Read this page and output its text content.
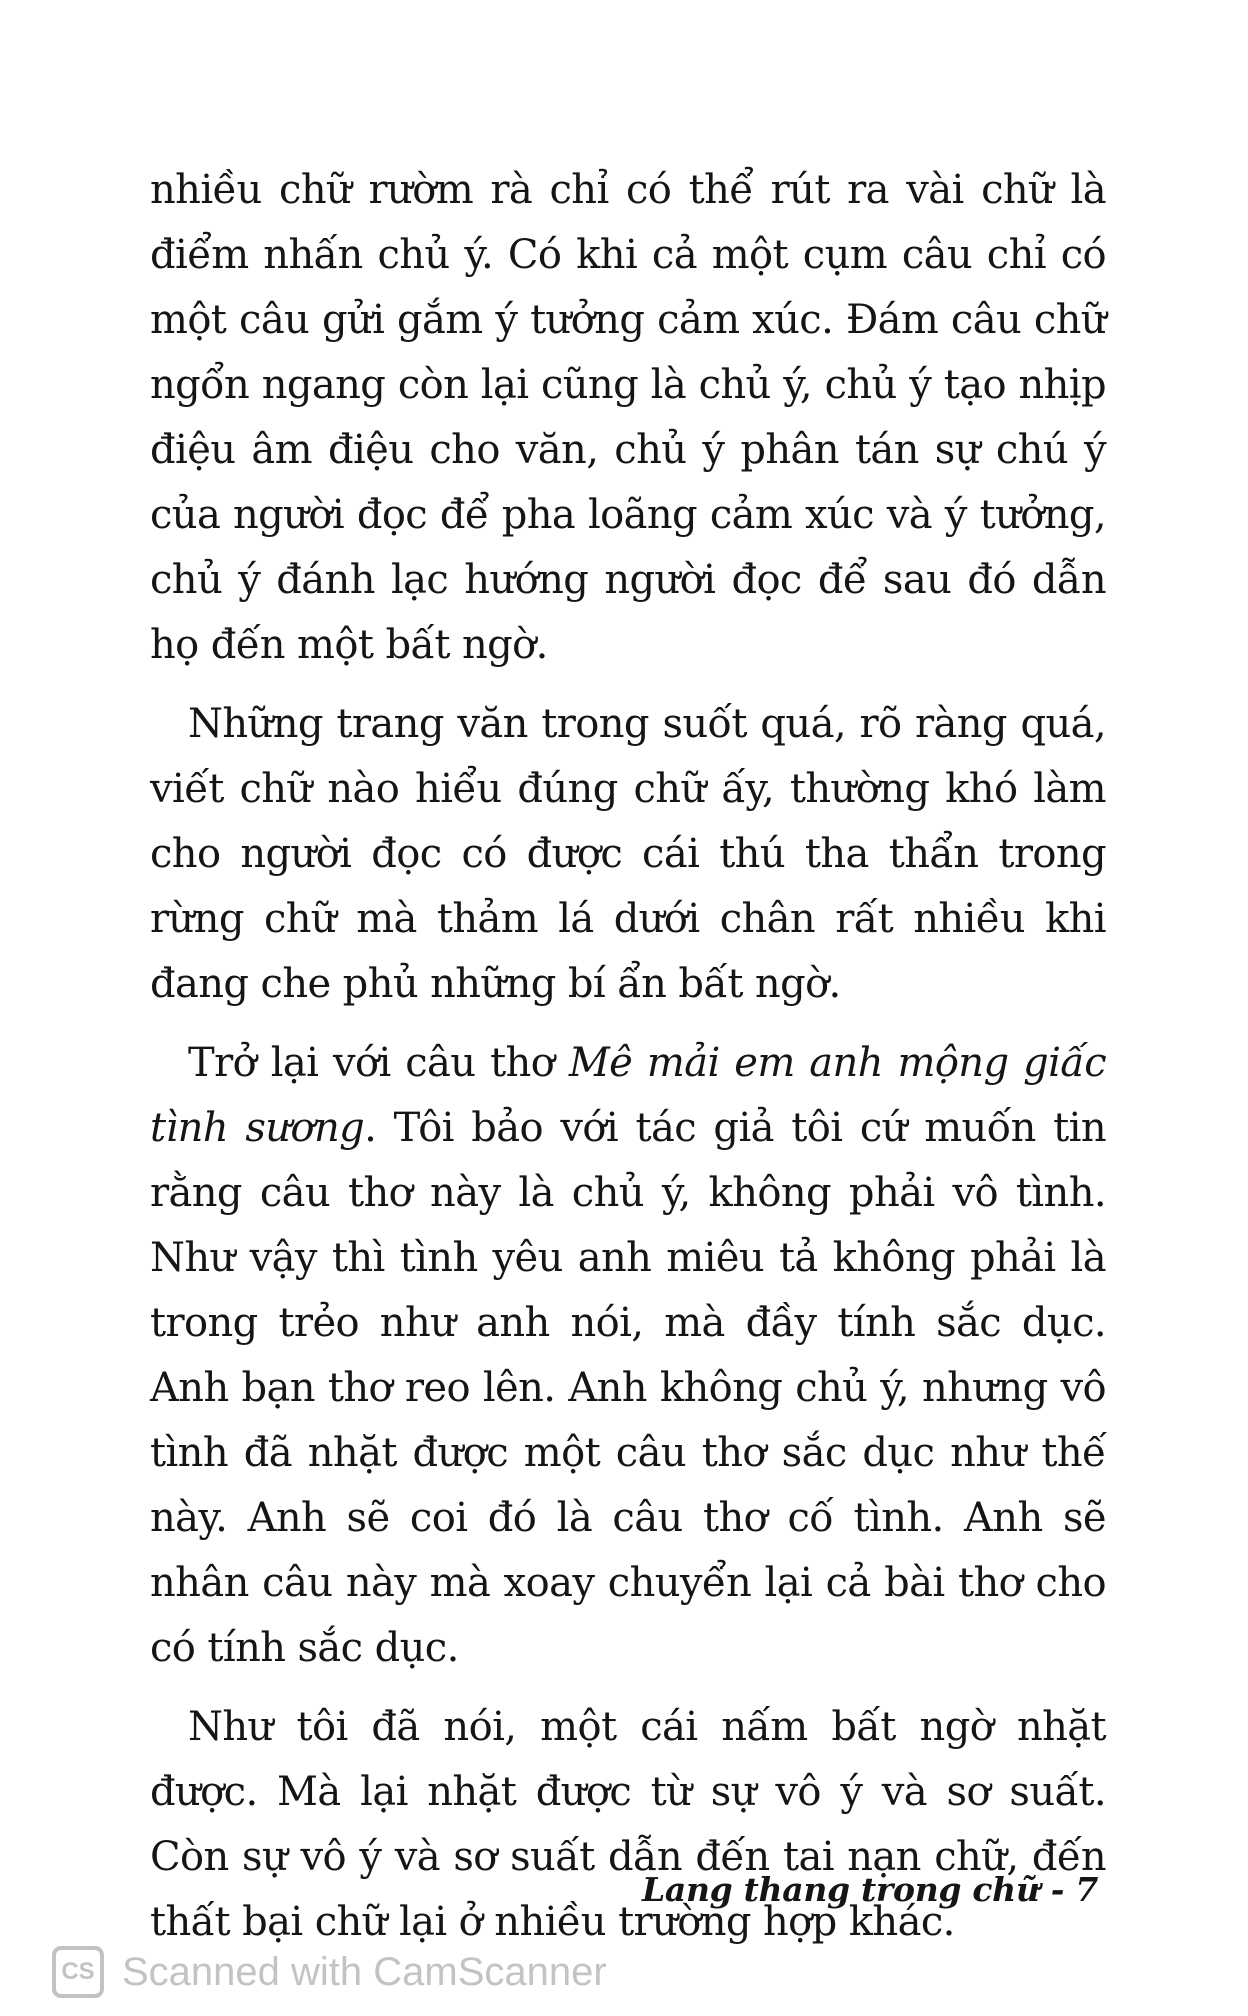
nhiều chữ rườm rà chỉ có thể rút ra vài chữ là điểm nhấn chủ ý. Có khi cả một cụm câu chỉ có một câu gửi gắm ý tưởng cảm xúc. Đám câu chữ ngổn ngang còn lại cũng là chủ ý, chủ ý tạo nhịp điệu âm điệu cho văn, chủ ý phân tán sự chú ý của người đọc để pha loãng cảm xúc và ý tưởng, chủ ý đánh lạc hướng người đọc để sau đó dẫn họ đến một bất ngờ.

Những trang văn trong suốt quá, rõ ràng quá, viết chữ nào hiểu đúng chữ ấy, thường khó làm cho người đọc có được cái thú tha thẩn trong rừng chữ mà thảm lá dưới chân rất nhiều khi đang che phủ những bí ẩn bất ngờ.

Trở lại với câu thơ Mê mải em anh mộng giấc tình sương. Tôi bảo với tác giả tôi cứ muốn tin rằng câu thơ này là chủ ý, không phải vô tình. Như vậy thì tình yêu anh miêu tả không phải là trong trẻo như anh nói, mà đầy tính sắc dục. Anh bạn thơ reo lên. Anh không chủ ý, nhưng vô tình đã nhặt được một câu thơ sắc dục như thế này. Anh sẽ coi đó là câu thơ cố tình. Anh sẽ nhân câu này mà xoay chuyển lại cả bài thơ cho có tính sắc dục.

Như tôi đã nói, một cái nấm bất ngờ nhặt được. Mà lại nhặt được từ sự vô ý và sơ suất. Còn sự vô ý và sơ suất dẫn đến tai nạn chữ, đến thất bại chữ lại ở nhiều trường hợp khác.

Lang thang trong chữ - 7
CS Scanned with CamScanner
